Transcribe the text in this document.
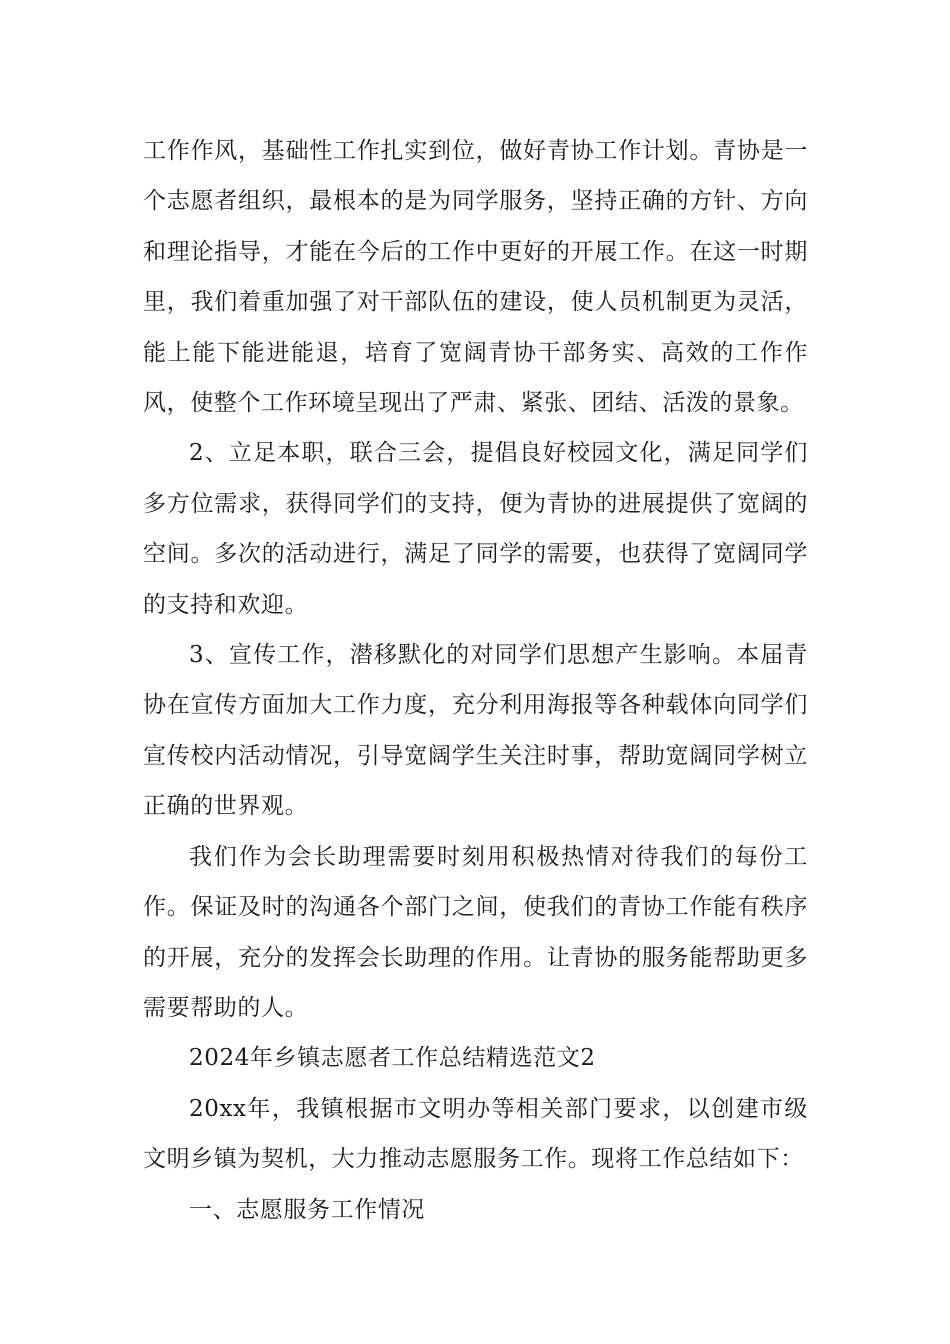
工作作风，基础性工作扎实到位，做好青协工作计划。青协是一个志愿者组织，最根本的是为同学服务，坚持正确的方针、方向和理论指导，才能在今后的工作中更好的开展工作。在这一时期里，我们着重加强了对干部队伍的建设，使人员机制更为灵活，能上能下能进能退，培育了宽阔青协干部务实、高效的工作作风，使整个工作环境呈现出了严肃、紧张、团结、活泼的景象。

2、立足本职，联合三会，提倡良好校园文化，满足同学们多方位需求，获得同学们的支持，便为青协的进展提供了宽阔的空间。多次的活动进行，满足了同学的需要，也获得了宽阔同学的支持和欢迎。

3、宣传工作，潜移默化的对同学们思想产生影响。本届青协在宣传方面加大工作力度，充分利用海报等各种载体向同学们宣传校内活动情况，引导宽阔学生关注时事，帮助宽阔同学树立正确的世界观。

我们作为会长助理需要时刻用积极热情对待我们的每份工作。保证及时的沟通各个部门之间，使我们的青协工作能有秩序的开展，充分的发挥会长助理的作用。让青协的服务能帮助更多需要帮助的人。

2024年乡镇志愿者工作总结精选范文2

20xx年，我镇根据市文明办等相关部门要求，以创建市级文明乡镇为契机，大力推动志愿服务工作。现将工作总结如下：

一、志愿服务工作情况
